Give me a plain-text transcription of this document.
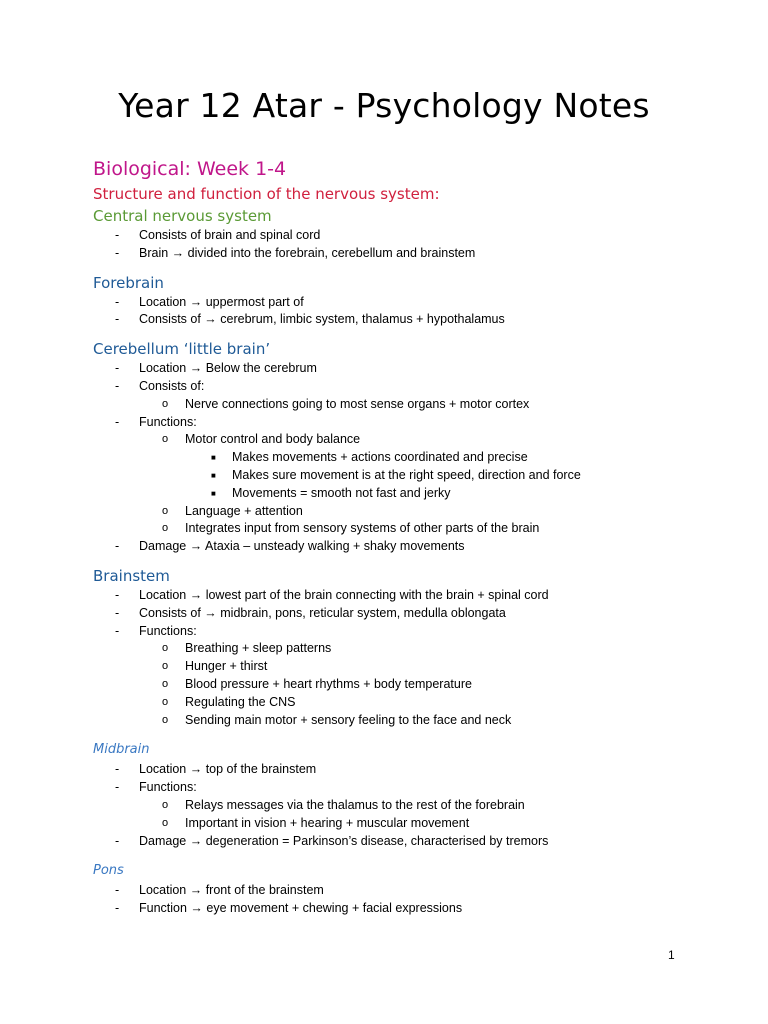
Year 12 Atar - Psychology Notes
Biological: Week 1-4
Structure and function of the nervous system:
Central nervous system
- Consists of brain and spinal cord
- Brain → divided into the forebrain, cerebellum and brainstem
Forebrain
- Location → uppermost part of
- Consists of → cerebrum, limbic system, thalamus + hypothalamus
Cerebellum ‘little brain’
- Location → Below the cerebrum
- Consists of:
o Nerve connections going to most sense organs + motor cortex
- Functions:
o Motor control and body balance
■ Makes movements + actions coordinated and precise
■ Makes sure movement is at the right speed, direction and force
■ Movements = smooth not fast and jerky
o Language + attention
o Integrates input from sensory systems of other parts of the brain
- Damage → Ataxia – unsteady walking + shaky movements
Brainstem
- Location → lowest part of the brain connecting with the brain + spinal cord
- Consists of → midbrain, pons, reticular system, medulla oblongata
- Functions:
o Breathing + sleep patterns
o Hunger + thirst
o Blood pressure + heart rhythms + body temperature
o Regulating the CNS
o Sending main motor + sensory feeling to the face and neck
Midbrain
- Location → top of the brainstem
- Functions:
o Relays messages via the thalamus to the rest of the forebrain
o Important in vision + hearing + muscular movement
- Damage → degeneration = Parkinson’s disease, characterised by tremors
Pons
- Location → front of the brainstem
- Function → eye movement + chewing + facial expressions
1
